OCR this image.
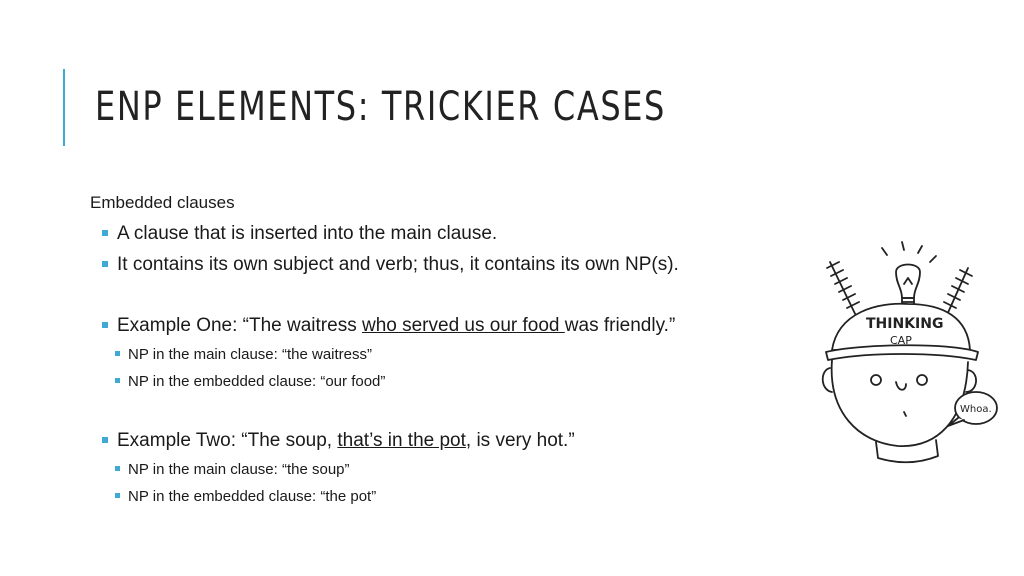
ENP ELEMENTS: TRICKIER CASES
Embedded clauses
A clause that is inserted into the main clause.
It contains its own subject and verb; thus, it contains its own NP(s).
Example One: “The waitress who served us our food was friendly.”
NP in the main clause: “the waitress”
NP in the embedded clause: “our food”
Example Two: “The soup, that’s in the pot, is very hot.”
NP in the main clause: “the soup”
NP in the embedded clause: “the pot”
THINKING
CAP
Whoa.
